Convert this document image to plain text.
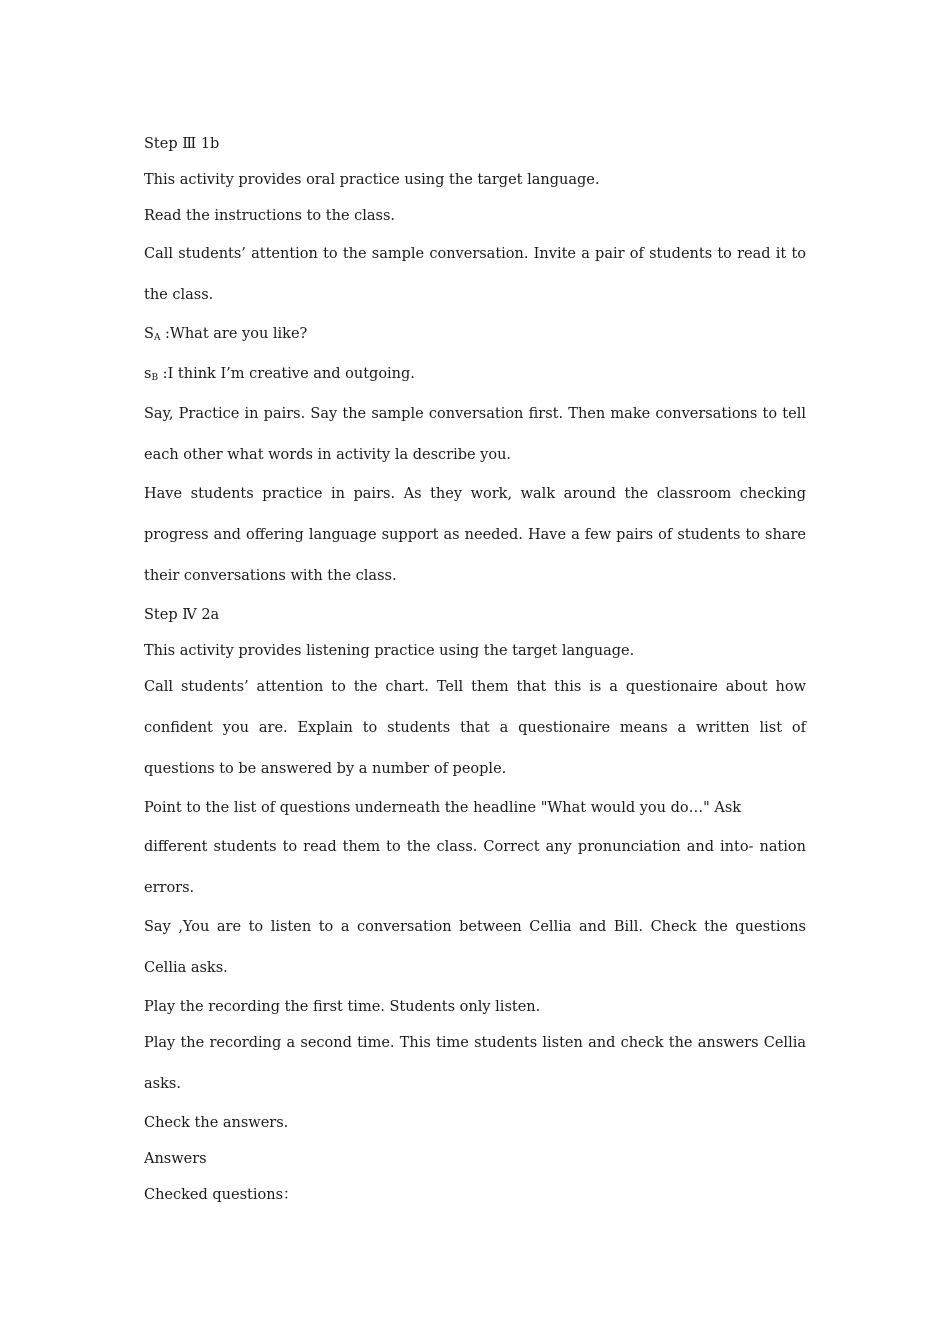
Step Ⅲ 1b
This activity provides oral practice using the target language.
Read the instructions to the class.
Call students’ attention to the sample conversation. Invite a pair of students to read it to the class.
$S_A$ :What are you like?
$s_B$ :I think I’m creative and outgoing.
Say, Practice in pairs. Say the sample conversation first. Then make conversations to tell each other what words in activity la describe you.
Have students practice in pairs. As they work, walk around the classroom checking progress and offering language support as needed. Have a few pairs of students to share their conversations with the class.
Step Ⅳ 2a
This activity provides listening practice using the target language.
Call students’ attention to the chart. Tell them that this is a questionaire about how confident you are. Explain to students that a questionaire means a written list of questions to be answered by a number of people.
Point to the list of questions underneath the headline "What would you do…" Ask
different students to read them to the class. Correct any pronunciation and into- nation errors.
Say ,You are to listen to a conversation between Cellia and Bill. Check the questions Cellia asks.
Play the recording the first time. Students only listen.
Play the recording a second time. This time students listen and check the answers Cellia asks.
Check the answers.
Answers
Checked questions：
